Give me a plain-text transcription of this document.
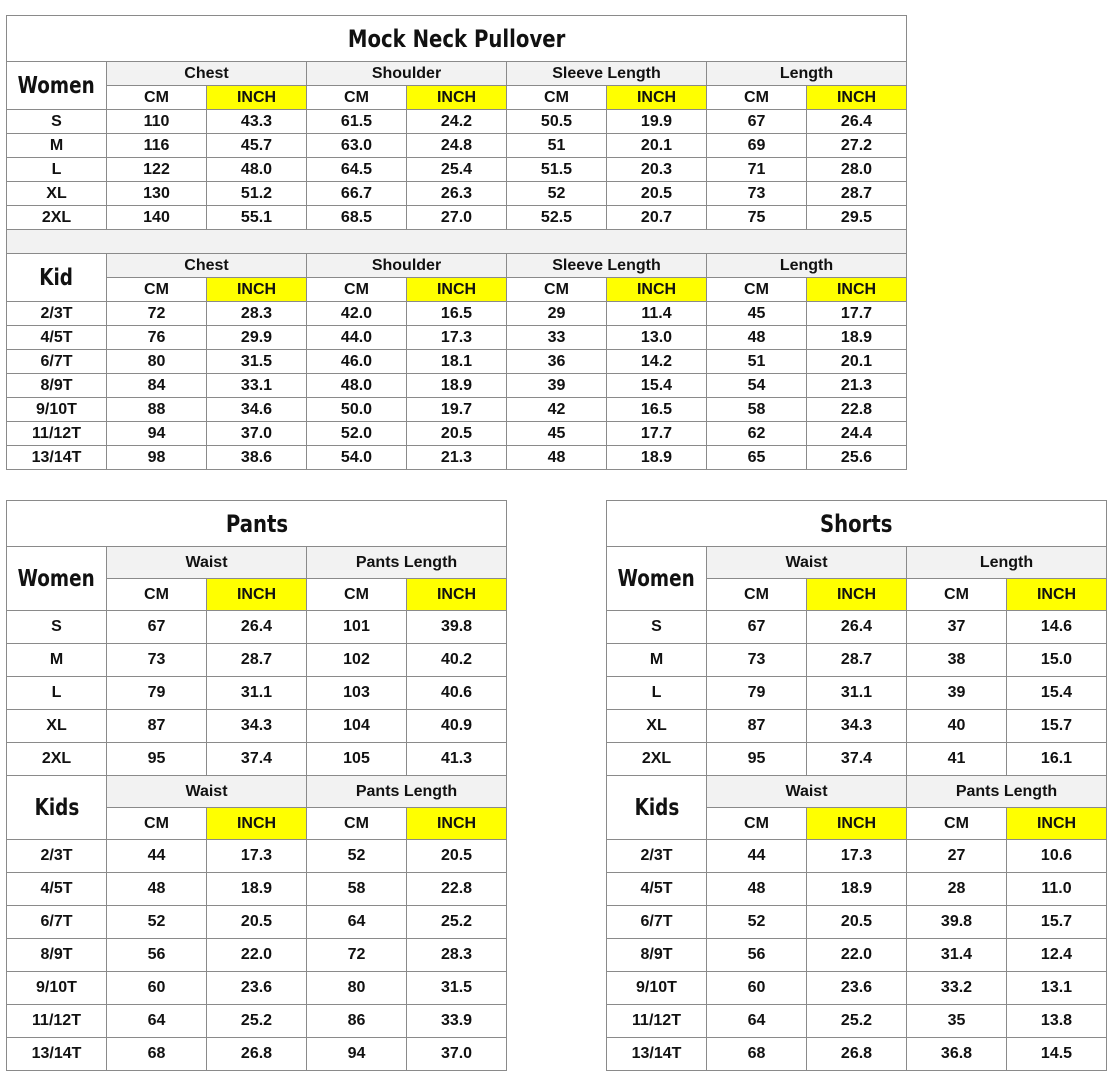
Mock Neck Pullover								
Women	Chest		Shoulder		Sleeve Length		Length	
	CM	INCH	CM	INCH	CM	INCH	CM	INCH
S	110	43.3	61.5	24.2	50.5	19.9	67	26.4
M	116	45.7	63.0	24.8	51	20.1	69	27.2
L	122	48.0	64.5	25.4	51.5	20.3	71	28.0
XL	130	51.2	66.7	26.3	52	20.5	73	28.7
2XL	140	55.1	68.5	27.0	52.5	20.7	75	29.5

Kid	Chest		Shoulder		Sleeve Length		Length	
	CM	INCH	CM	INCH	CM	INCH	CM	INCH
2/3T	72	28.3	42.0	16.5	29	11.4	45	17.7
4/5T	76	29.9	44.0	17.3	33	13.0	48	18.9
6/7T	80	31.5	46.0	18.1	36	14.2	51	20.1
8/9T	84	33.1	48.0	18.9	39	15.4	54	21.3
9/10T	88	34.6	50.0	19.7	42	16.5	58	22.8
11/12T	94	37.0	52.0	20.5	45	17.7	62	24.4
13/14T	98	38.6	54.0	21.3	48	18.9	65	25.6
Pants				
Women	Waist		Pants Length	
	CM	INCH	CM	INCH
S	67	26.4	101	39.8
M	73	28.7	102	40.2
L	79	31.1	103	40.6
XL	87	34.3	104	40.9
2XL	95	37.4	105	41.3
Kids	Waist		Pants Length	
	CM	INCH	CM	INCH
2/3T	44	17.3	52	20.5
4/5T	48	18.9	58	22.8
6/7T	52	20.5	64	25.2
8/9T	56	22.0	72	28.3
9/10T	60	23.6	80	31.5
11/12T	64	25.2	86	33.9
13/14T	68	26.8	94	37.0
Shorts				
Women	Waist		Length	
	CM	INCH	CM	INCH
S	67	26.4	37	14.6
M	73	28.7	38	15.0
L	79	31.1	39	15.4
XL	87	34.3	40	15.7
2XL	95	37.4	41	16.1
Kids	Waist		Pants Length	
	CM	INCH	CM	INCH
2/3T	44	17.3	27	10.6
4/5T	48	18.9	28	11.0
6/7T	52	20.5	39.8	15.7
8/9T	56	22.0	31.4	12.4
9/10T	60	23.6	33.2	13.1
11/12T	64	25.2	35	13.8
13/14T	68	26.8	36.8	14.5
